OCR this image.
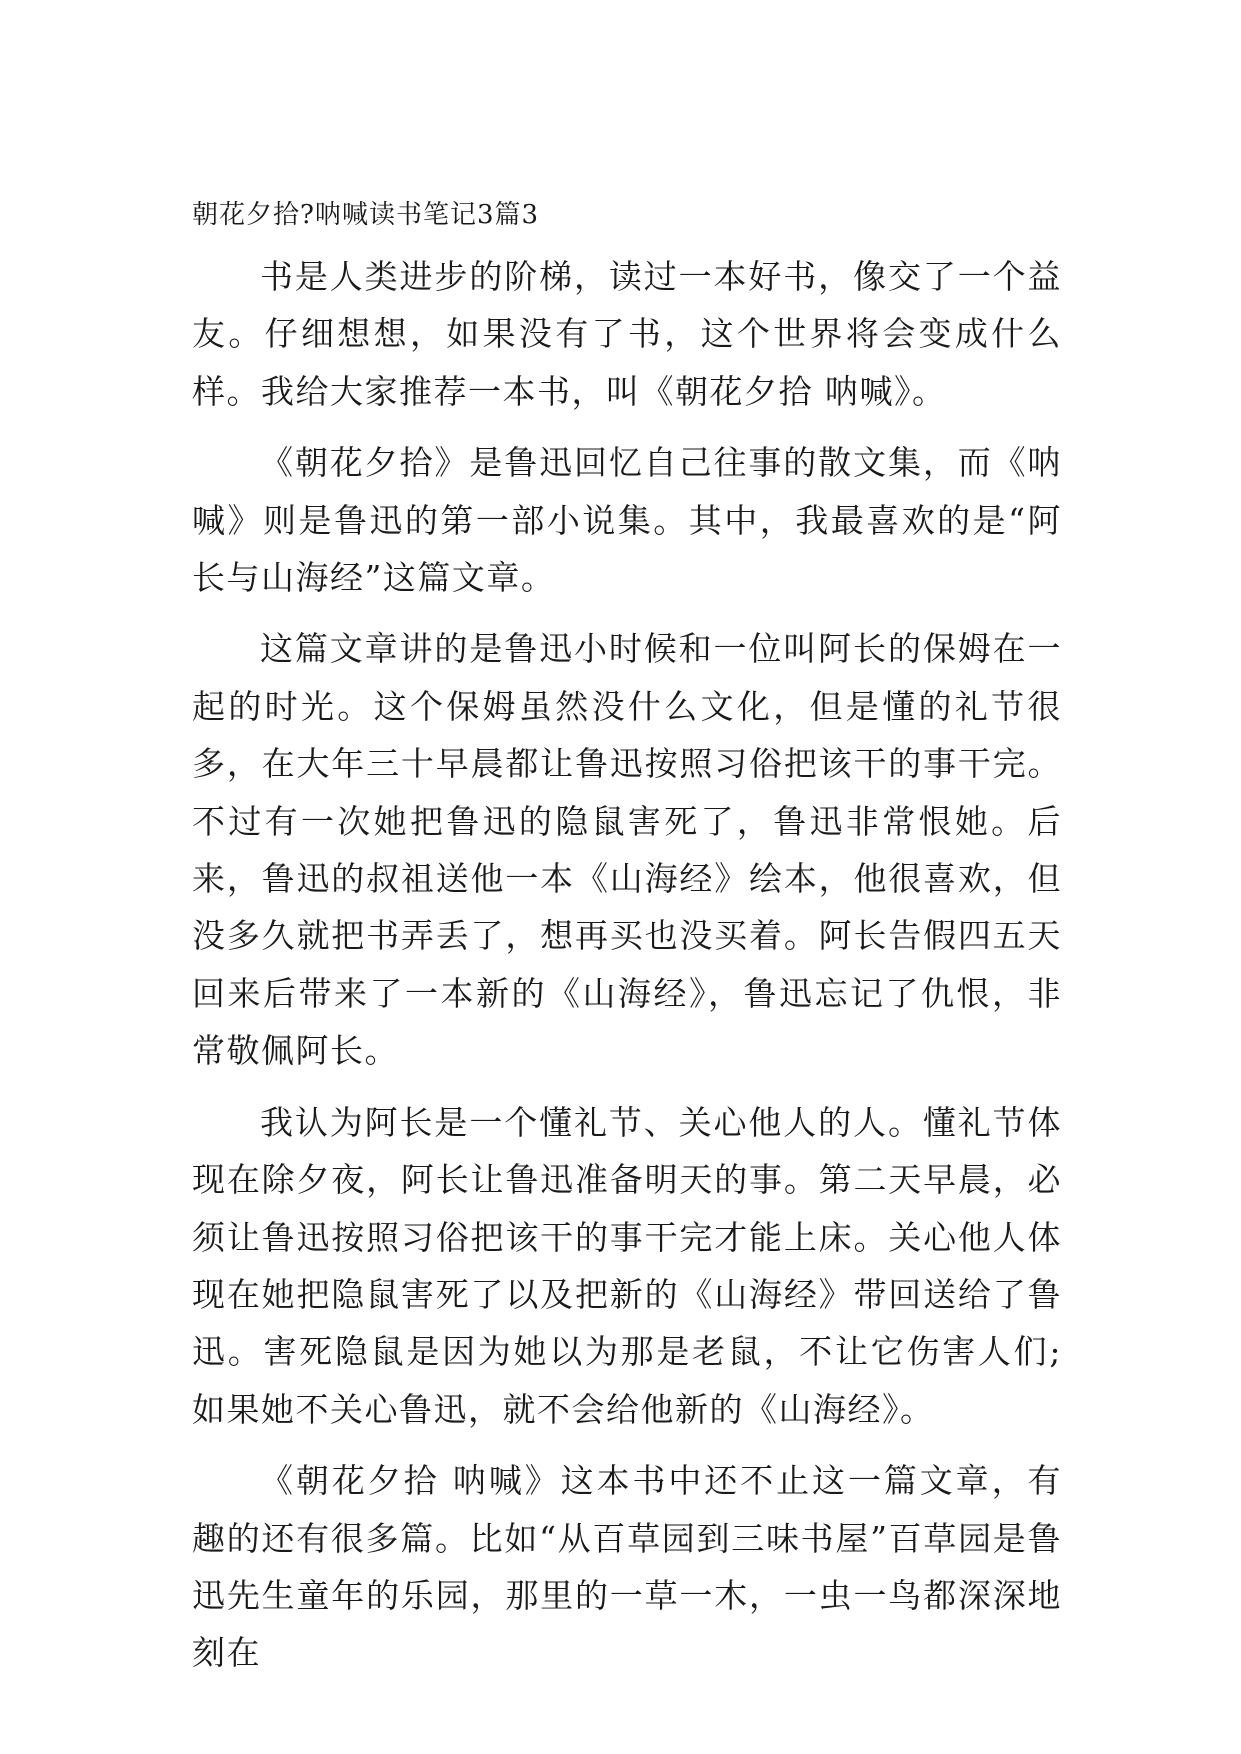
朝花夕拾?呐喊读书笔记3篇3

书是人类进步的阶梯，读过一本好书，像交了一个益友。仔细想想，如果没有了书，这个世界将会变成什么样。我给大家推荐一本书，叫《朝花夕拾 呐喊》。

《朝花夕拾》是鲁迅回忆自己往事的散文集，而《呐喊》则是鲁迅的第一部小说集。其中，我最喜欢的是“阿长与山海经”这篇文章。

这篇文章讲的是鲁迅小时候和一位叫阿长的保姆在一起的时光。这个保姆虽然没什么文化，但是懂的礼节很多，在大年三十早晨都让鲁迅按照习俗把该干的事干完。不过有一次她把鲁迅的隐鼠害死了，鲁迅非常恨她。后来，鲁迅的叔祖送他一本《山海经》绘本，他很喜欢，但没多久就把书弄丢了，想再买也没买着。阿长告假四五天回来后带来了一本新的《山海经》，鲁迅忘记了仇恨，非常敬佩阿长。

我认为阿长是一个懂礼节、关心他人的人。懂礼节体现在除夕夜，阿长让鲁迅准备明天的事。第二天早晨，必须让鲁迅按照习俗把该干的事干完才能上床。关心他人体现在她把隐鼠害死了以及把新的《山海经》带回送给了鲁迅。害死隐鼠是因为她以为那是老鼠，不让它伤害人们;如果她不关心鲁迅，就不会给他新的《山海经》。

《朝花夕拾 呐喊》这本书中还不止这一篇文章，有趣的还有很多篇。比如“从百草园到三味书屋”百草园是鲁迅先生童年的乐园，那里的一草一木，一虫一鸟都深深地刻在
